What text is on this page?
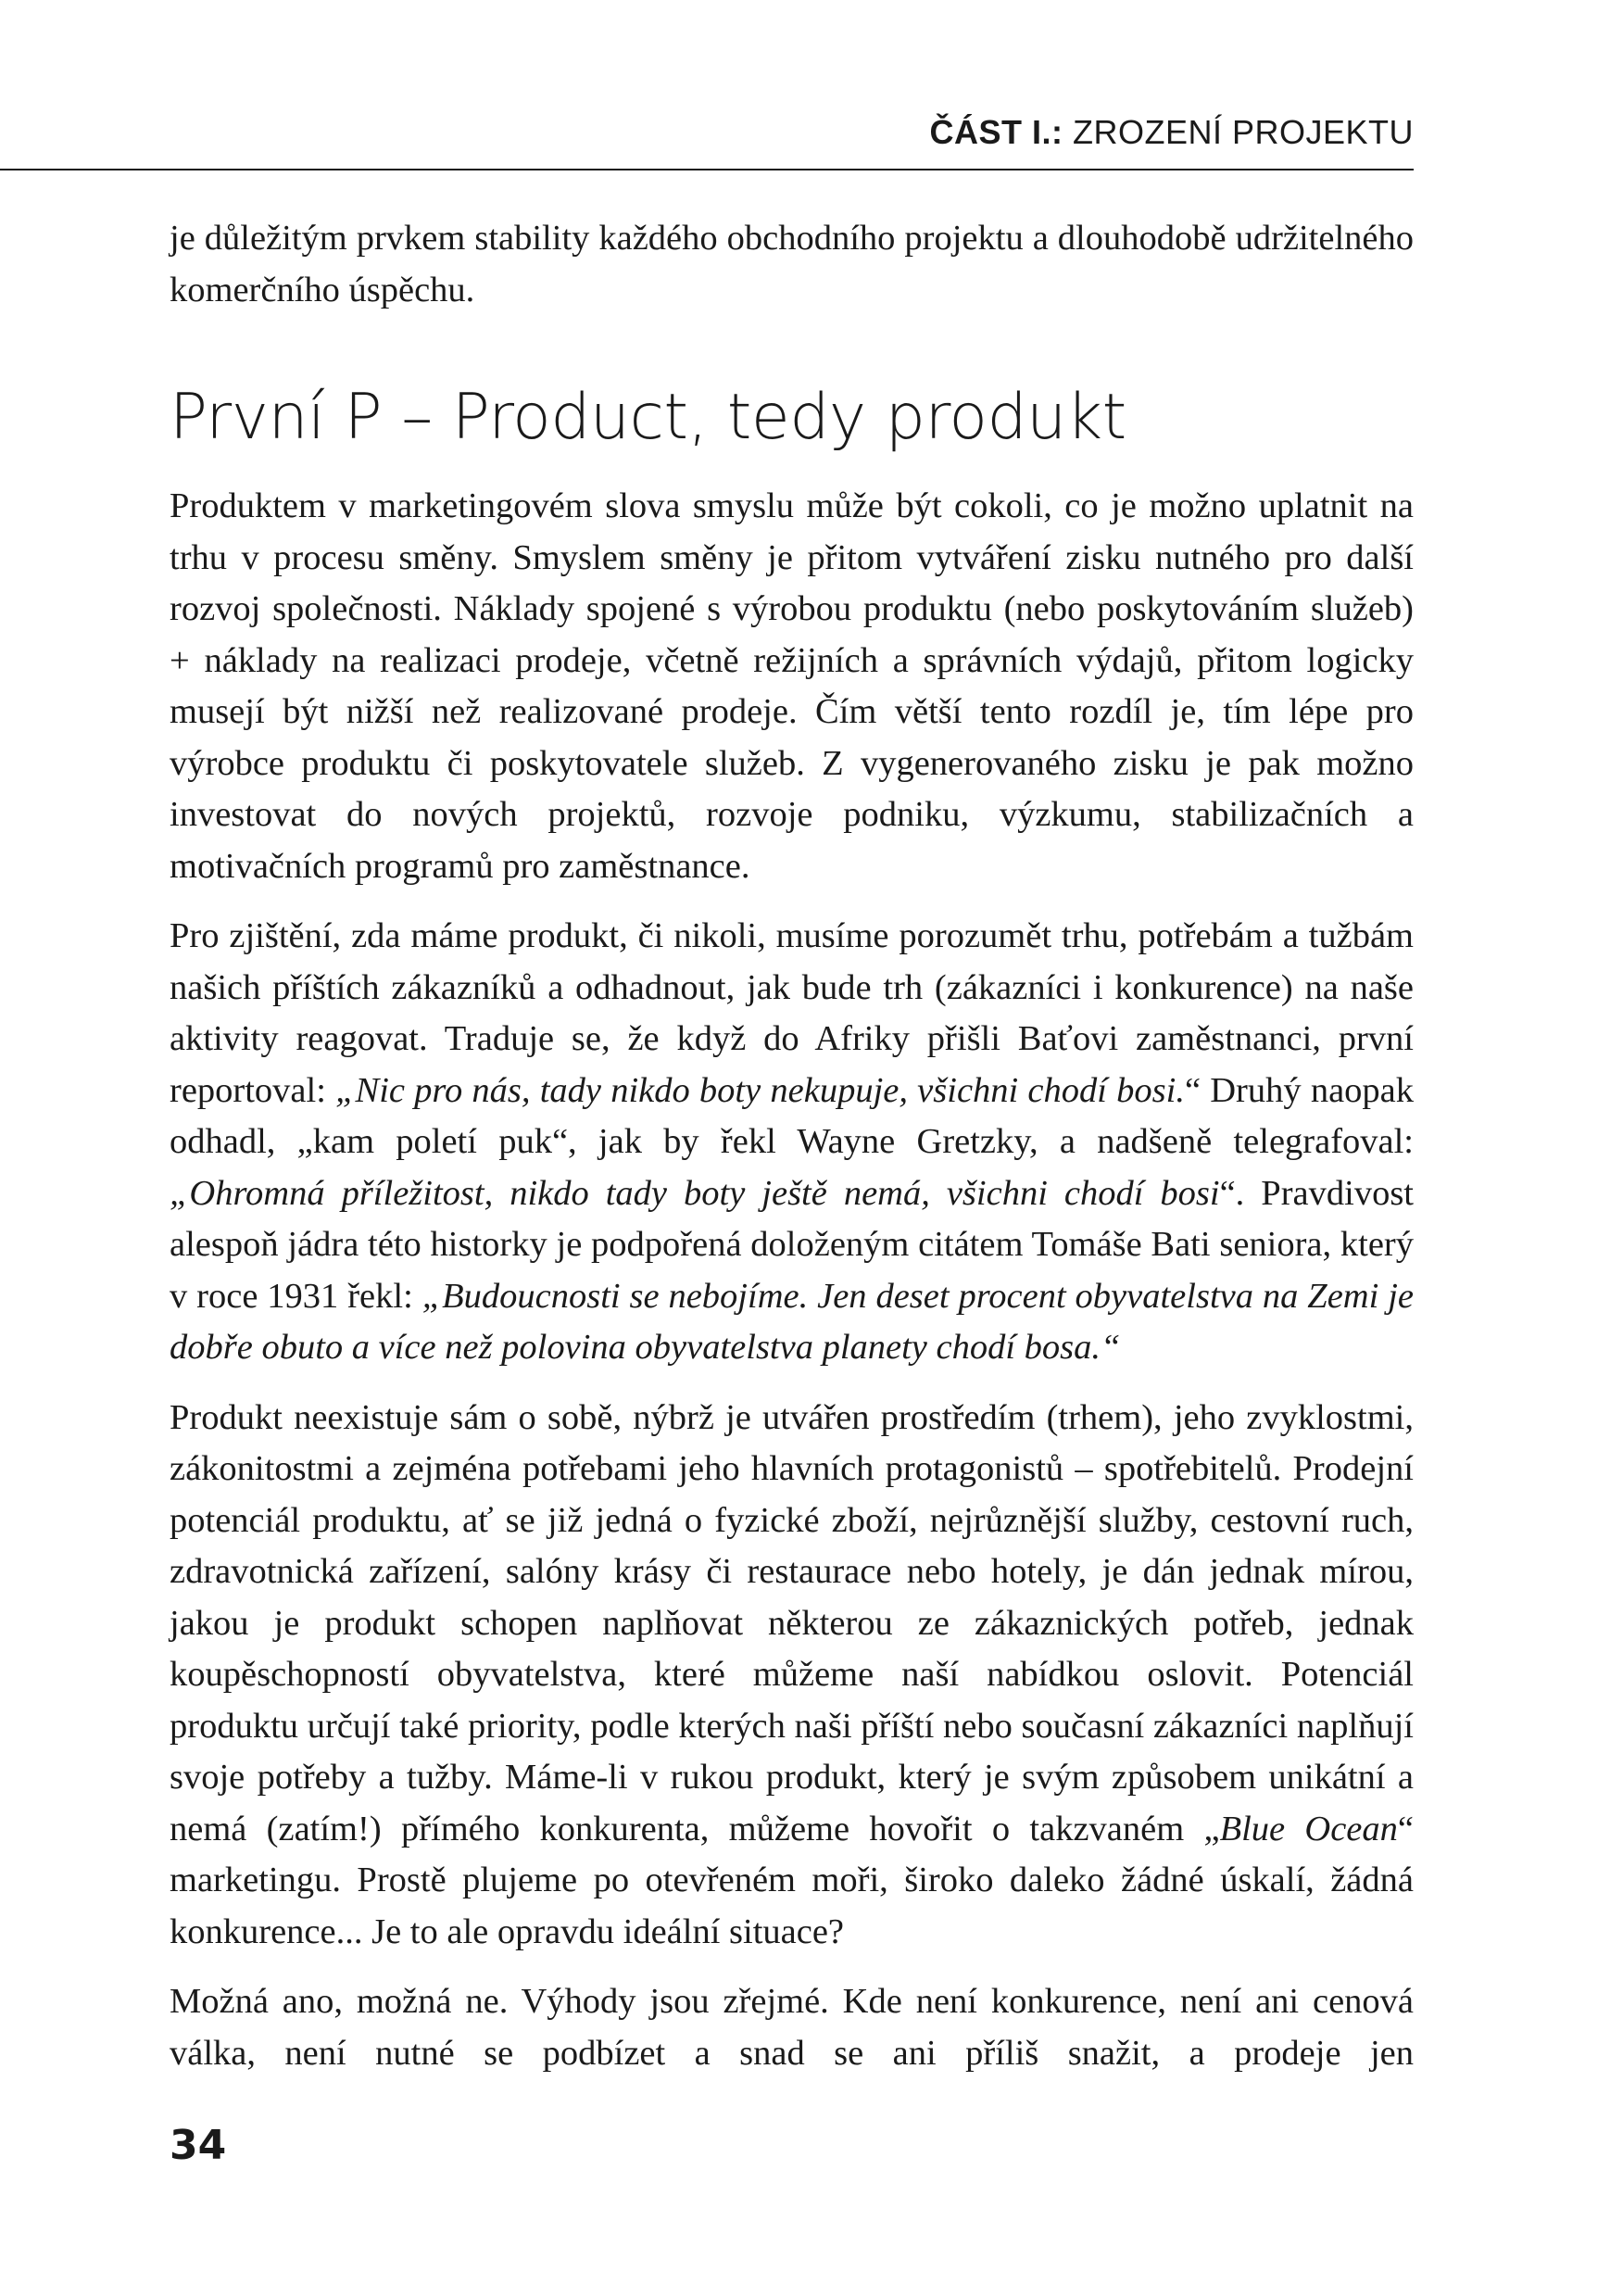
ČÁST I.: ZROZENÍ PROJEKTU

je důležitým prvkem stability každého obchodního projektu a dlouhodobě udržitelného komerčního úspěchu.

První P – Product, tedy produkt

Produktem v marketingovém slova smyslu může být cokoli, co je možno uplatnit na trhu v procesu směny. Smyslem směny je přitom vytváření zisku nutného pro další rozvoj společnosti. Náklady spojené s výrobou produktu (nebo poskytováním služeb) + náklady na realizaci prodeje, včetně režijních a správních výdajů, přitom logicky musejí být nižší než realizované prodeje. Čím větší tento rozdíl je, tím lépe pro výrobce produktu či poskytovatele služeb. Z vygenerovaného zisku je pak možno investovat do nových projektů, rozvoje podniku, výzkumu, stabilizačních a motivačních programů pro zaměstnance.

Pro zjištění, zda máme produkt, či nikoli, musíme porozumět trhu, potřebám a tužbám našich příštích zákazníků a odhadnout, jak bude trh (zákazníci i konkurence) na naše aktivity reagovat. Traduje se, že když do Afriky přišli Baťovi zaměstnanci, první reportoval: „Nic pro nás, tady nikdo boty nekupuje, všichni chodí bosi.“ Druhý naopak odhadl, „kam poletí puk“, jak by řekl Wayne Gretzky, a nadšeně telegrafoval: „Ohromná příležitost, nikdo tady boty ještě nemá, všichni chodí bosi“. Pravdivost alespoň jádra této historky je podpořená doloženým citátem Tomáše Bati seniora, který v roce 1931 řekl: „Budoucnosti se nebojíme. Jen deset procent obyvatelstva na Zemi je dobře obuto a více než polovina obyvatelstva planety chodí bosa.“

Produkt neexistuje sám o sobě, nýbrž je utvářen prostředím (trhem), jeho zvyklostmi, zákonitostmi a zejména potřebami jeho hlavních protagonistů – spotřebitelů. Prodejní potenciál produktu, ať se již jedná o fyzické zboží, nejrůznější služby, cestovní ruch, zdravotnická zařízení, salóny krásy či restaurace nebo hotely, je dán jednak mírou, jakou je produkt schopen naplňovat některou ze zákaznických potřeb, jednak koupěschopností obyvatelstva, které můžeme naší nabídkou oslovit. Potenciál produktu určují také priority, podle kterých naši příští nebo současní zákazníci naplňují svoje potřeby a tužby. Máme-li v rukou produkt, který je svým způsobem unikátní a nemá (zatím!) přímého konkurenta, můžeme hovořit o takzvaném „Blue Ocean“ marketingu. Prostě plujeme po otevřeném moři, široko daleko žádné úskalí, žádná konkurence... Je to ale opravdu ideální situace?

Možná ano, možná ne. Výhody jsou zřejmé. Kde není konkurence, není ani cenová válka, není nutné se podbízet a snad se ani příliš snažit, a prodeje jen

34
